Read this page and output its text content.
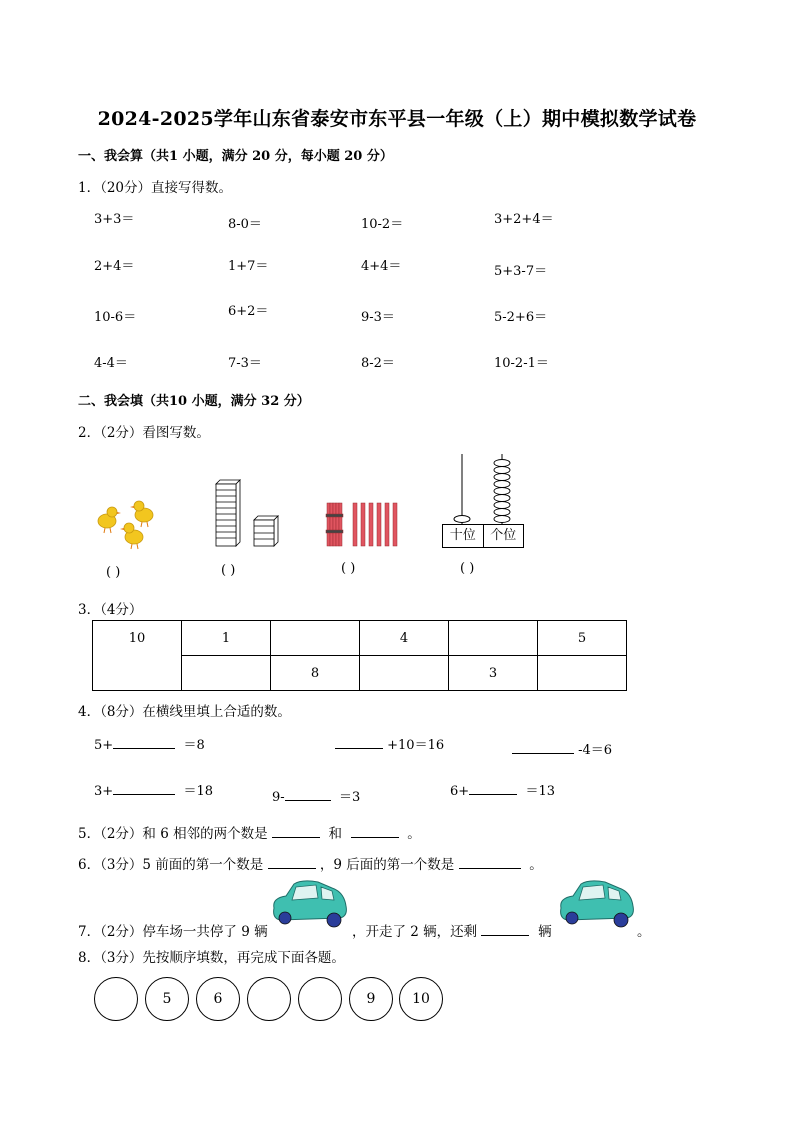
2024-2025学年山东省泰安市东平县一年级（上）期中模拟数学试卷
一、我会算（共1 小题，满分 20 分，每小题 20 分）
1．（20分）直接写得数。
3+3＝	8-0＝	10-2＝	3+2+4＝
2+4＝	1+7＝	4+4＝	5+3-7＝
10-6＝	6+2＝	9-3＝	5-2+6＝
4-4＝	7-3＝	8-2＝	10-2-1＝
二、我会填（共10 小题，满分 32 分）
2．（2分）看图写数。
十位	个位
( )	( )	( )	( )
3．（4分）
10	1		4		5
		8		3	
4．（8分）在横线里填上合适的数。
5+	＝8	+10＝16	-4＝6
3+	＝18	9-	＝3	6+	＝13
5．（2分）和 6 相邻的两个数是	和	。
6．（3分）5 前面的第一个数是	，9 后面的第一个数是	。
7．（2分）停车场一共停了 9 辆	，开走了 2 辆，还剩	辆	。
8．（3分）先按顺序填数，再完成下面各题。
5	6	9	10
